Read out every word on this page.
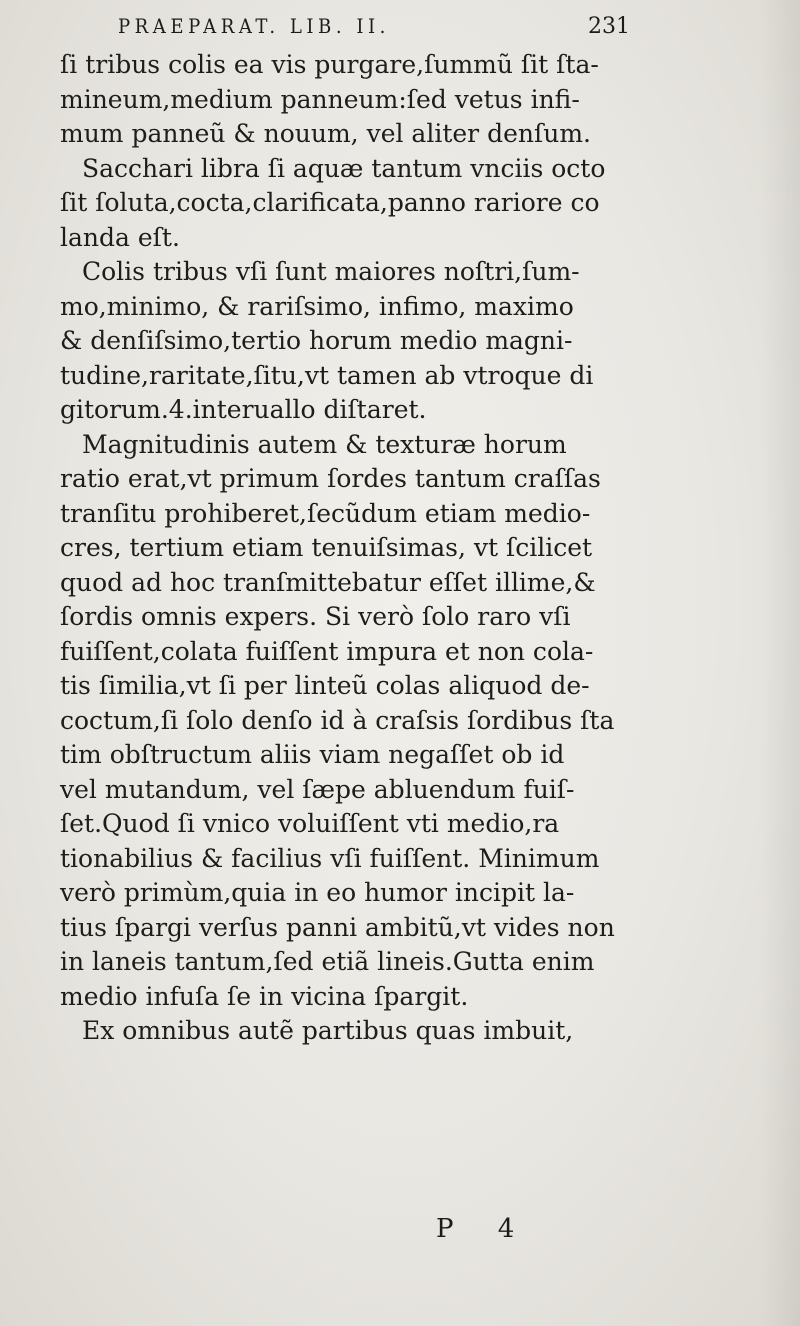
PRAEPARAT. LIB. II.	231
ſi tribus colis ea vis purgare,ſummũ ſit ſta-
mineum,medium panneum:ſed vetus infi-
mum panneũ & nouum, vel aliter denſum.
Sacchari libra ſi aquæ tantum vnciis octo
ſit ſoluta,cocta,clarificata,panno rariore co
landa eſt.
Colis tribus vſi ſunt maiores noſtri,ſum-
mo,minimo, & rariſsimo, infimo, maximo
& denſiſsimo,tertio horum medio magni-
tudine,raritate,ſitu,vt tamen ab vtroque di
gitorum.4.interuallo diſtaret.
Magnitudinis autem & texturæ horum
ratio erat,vt primum ſordes tantum craſſas
tranſitu prohiberet,ſecũdum etiam medio-
cres, tertium etiam tenuiſsimas, vt ſcilicet
quod ad hoc tranſmittebatur eſſet illime,&
ſordis omnis expers. Si verò ſolo raro vſi
fuiſſent,colata fuiſſent impura et non cola-
tis ſimilia,vt ſi per linteũ colas aliquod de-
coctum,ſi ſolo denſo id à craſsis ſordibus ſta
tim obſtructum aliis viam negaſſet ob id
vel mutandum, vel ſæpe abluendum fuiſ-
ſet.Quod ſi vnico voluiſſent vti medio,ra
tionabilius & facilius vſi fuiſſent. Minimum
verò primùm,quia in eo humor incipit la-
tius ſpargi verſus panni ambitũ,vt vides non
in laneis tantum,ſed etiã lineis.Gutta enim
medio infuſa ſe in vicina ſpargit.
Ex omnibus autẽ partibus quas imbuit,
P 4
